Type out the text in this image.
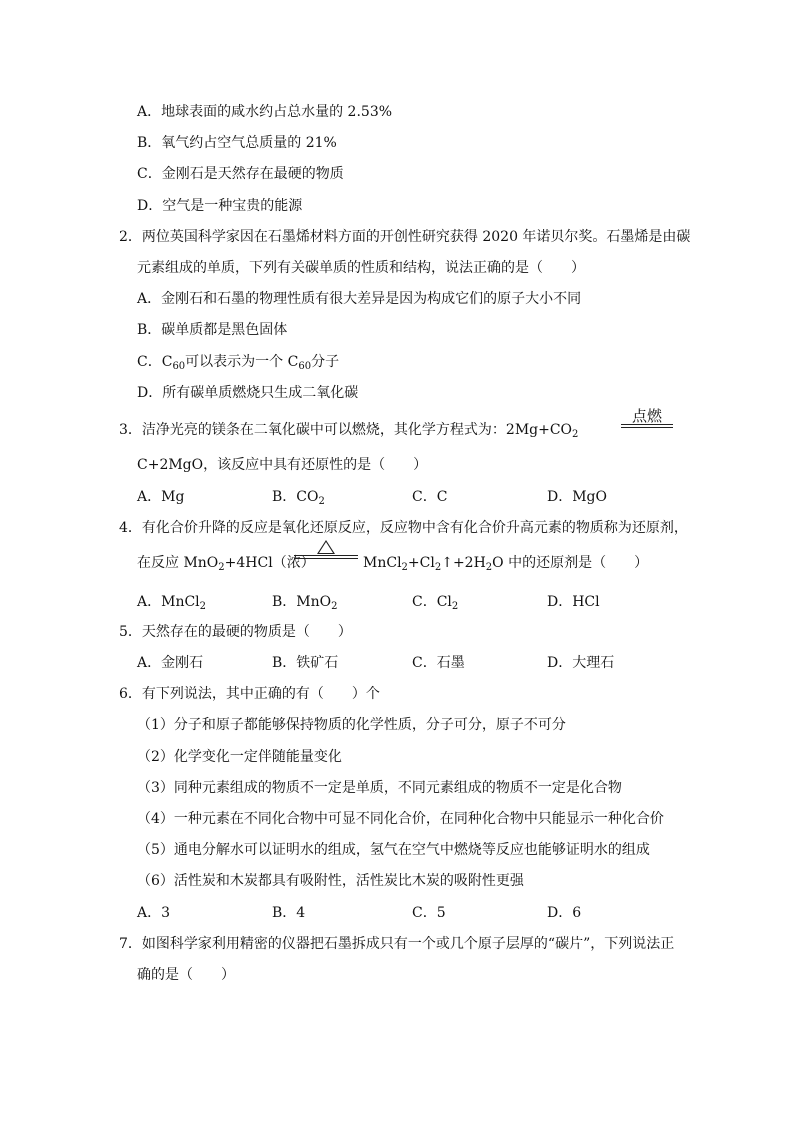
A．地球表面的咸水约占总水量的 2.53%
B．氧气约占空气总质量的 21%
C．金刚石是天然存在最硬的物质
D．空气是一种宝贵的能源
2．两位英国科学家因在石墨烯材料方面的开创性研究获得 2020 年诺贝尔奖。石墨烯是由碳
元素组成的单质，下列有关碳单质的性质和结构，说法正确的是（　　）
A．金刚石和石墨的物理性质有很大差异是因为构成它们的原子大小不同
B．碳单质都是黑色固体
C．$C_{60}$可以表示为一个 $C_{60}$分子
D．所有碳单质燃烧只生成二氧化碳
3．洁净光亮的镁条在二氧化碳中可以燃烧，其化学方程式为：$2Mg+CO_2$
点燃
C+2MgO，该反应中具有还原性的是（　　）
A．Mg	B．$CO_2$	C．C	D．MgO
4．有化合价升降的反应是氧化还原反应，反应物中含有化合价升高元素的物质称为还原剂，
在反应 MnO$_2$+4HCl（浓）	$MnCl_2+Cl_2↑+2H_2O$ 中的还原剂是（　　）
A．MnCl$_2$	B．MnO$_2$	C．$Cl_2$	D．HCl
5．天然存在的最硬的物质是（　　）
A．金刚石	B．铁矿石	C．石墨	D．大理石
6．有下列说法，其中正确的有（　　）个
（1）分子和原子都能够保持物质的化学性质，分子可分，原子不可分
（2）化学变化一定伴随能量变化
（3）同种元素组成的物质不一定是单质，不同元素组成的物质不一定是化合物
（4）一种元素在不同化合物中可显不同化合价，在同种化合物中只能显示一种化合价
（5）通电分解水可以证明水的组成，氢气在空气中燃烧等反应也能够证明水的组成
（6）活性炭和木炭都具有吸附性，活性炭比木炭的吸附性更强
A．3	B．4	C．5	D．6
7．如图科学家利用精密的仪器把石墨拆成只有一个或几个原子层厚的“碳片”，下列说法正
确的是（　　）
